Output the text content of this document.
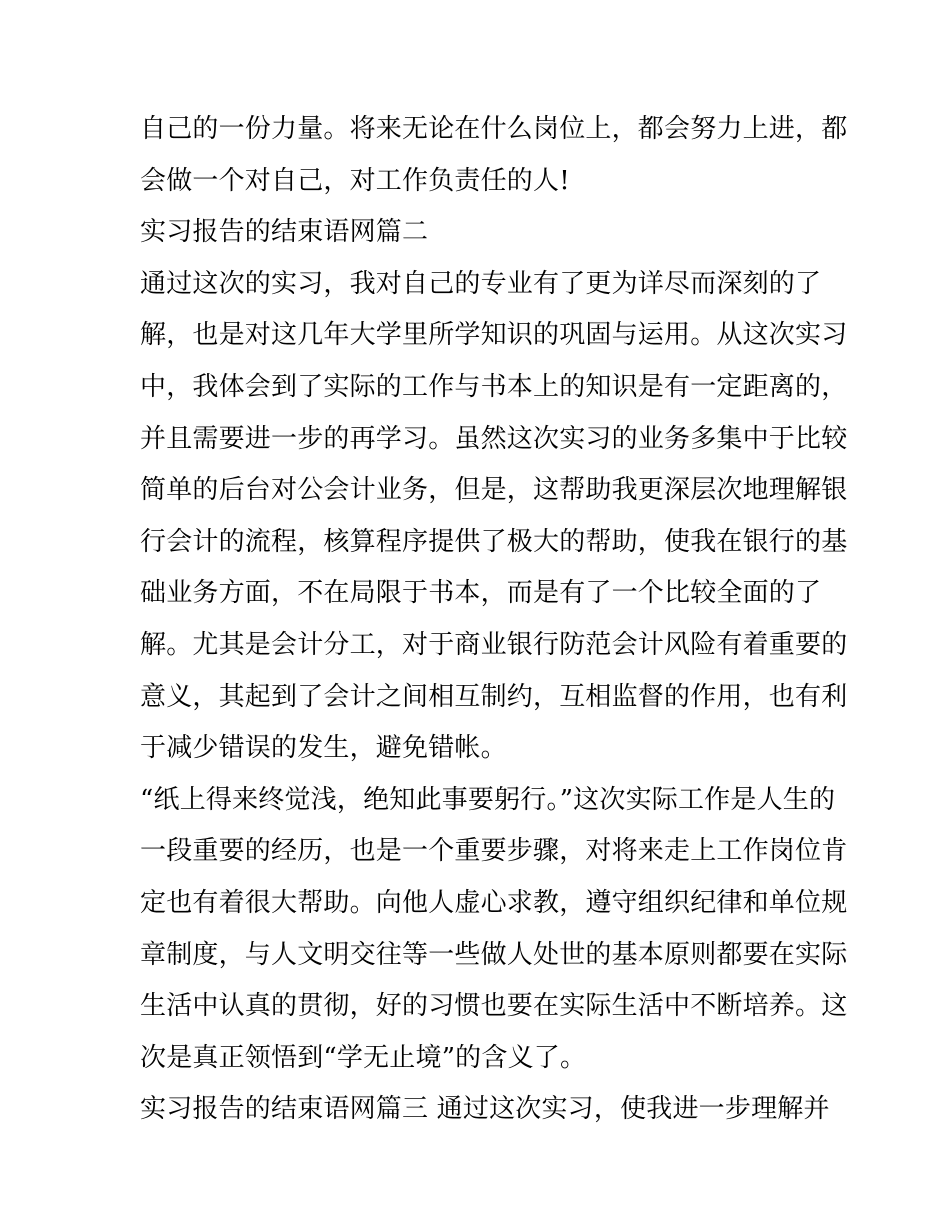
自己的一份力量。将来无论在什么岗位上，都会努力上进，都
会做一个对自己，对工作负责任的人!
实习报告的结束语网篇二
通过这次的实习，我对自己的专业有了更为详尽而深刻的了
解，也是对这几年大学里所学知识的巩固与运用。从这次实习
中，我体会到了实际的工作与书本上的知识是有一定距离的，
并且需要进一步的再学习。虽然这次实习的业务多集中于比较
简单的后台对公会计业务，但是，这帮助我更深层次地理解银
行会计的流程，核算程序提供了极大的帮助，使我在银行的基
础业务方面，不在局限于书本，而是有了一个比较全面的了
解。尤其是会计分工，对于商业银行防范会计风险有着重要的
意义，其起到了会计之间相互制约，互相监督的作用，也有利
于减少错误的发生，避免错帐。
“纸上得来终觉浅，绝知此事要躬行。”这次实际工作是人生的
一段重要的经历，也是一个重要步骤，对将来走上工作岗位肯
定也有着很大帮助。向他人虚心求教，遵守组织纪律和单位规
章制度，与人文明交往等一些做人处世的基本原则都要在实际
生活中认真的贯彻，好的习惯也要在实际生活中不断培养。这
次是真正领悟到“学无止境”的含义了。
实习报告的结束语网篇三 通过这次实习，使我进一步理解并
